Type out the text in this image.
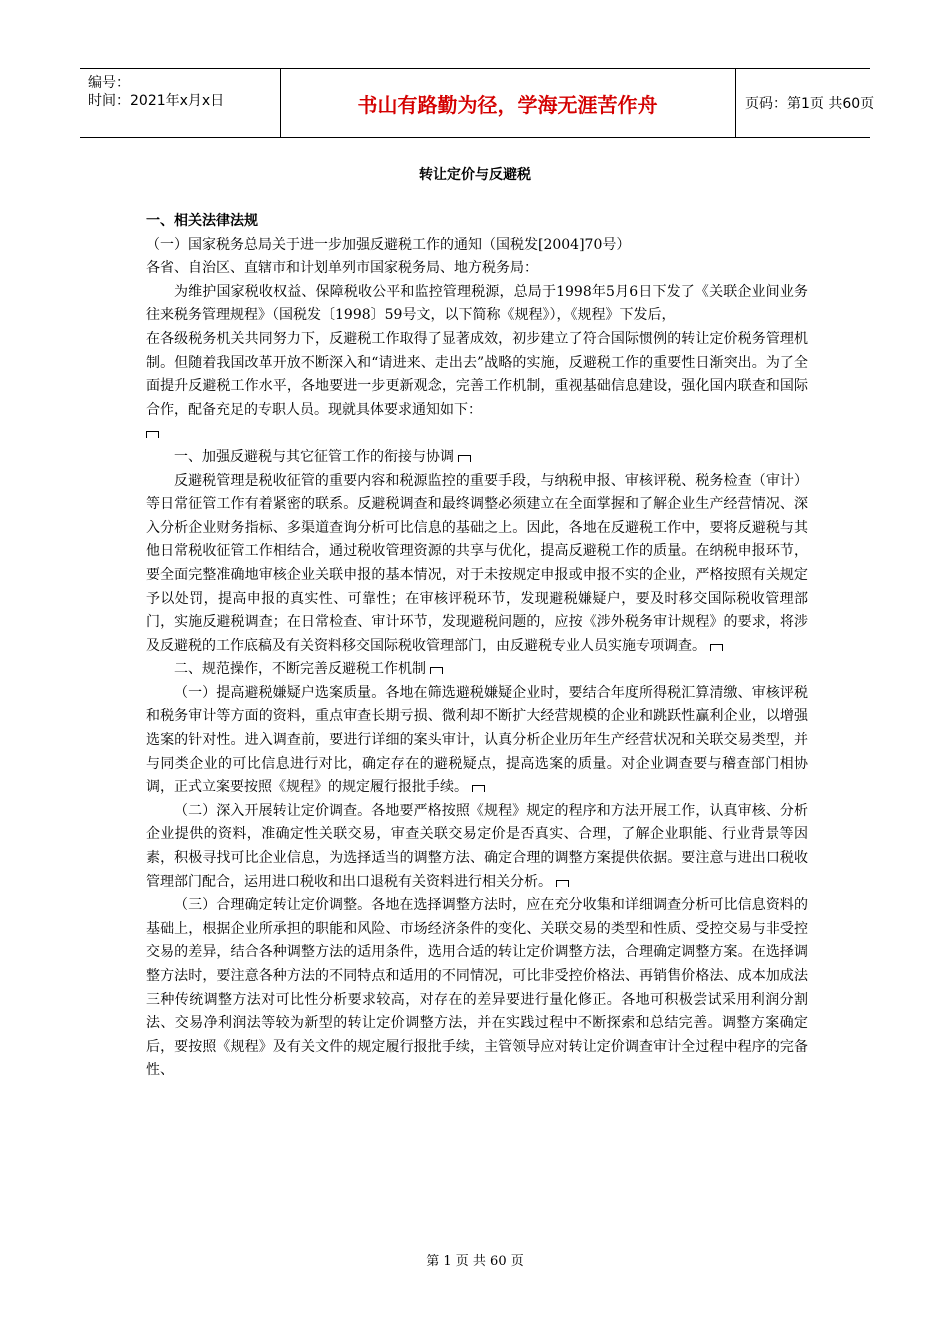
编号：
时间：2021年x月x日	书山有路勤为径，学海无涯苦作舟	页码：第1页 共60页
转让定价与反避税

一、相关法律法规

（一）国家税务总局关于进一步加强反避税工作的通知（国税发[2004]70号）

各省、自治区、直辖市和计划单列市国家税务局、地方税务局：

为维护国家税收权益、保障税收公平和监控管理税源，总局于1998年5月6日下发了《关联企业间业务往来税务管理规程》（国税发〔1998〕59号文，以下简称《规程》），《规程》下发后，

在各级税务机关共同努力下，反避税工作取得了显著成效，初步建立了符合国际惯例的转让定价税务管理机制。但随着我国改革开放不断深入和“请进来、走出去”战略的实施，反避税工作的重要性日渐突出。为了全面提升反避税工作水平，各地要进一步更新观念，完善工作机制，重视基础信息建设，强化国内联查和国际合作，配备充足的专职人员。现就具体要求通知如下：

一、加强反避税与其它征管工作的衔接与协调

反避税管理是税收征管的重要内容和税源监控的重要手段，与纳税申报、审核评税、税务检查（审计）等日常征管工作有着紧密的联系。反避税调查和最终调整必须建立在全面掌握和了解企业生产经营情况、深入分析企业财务指标、多渠道查询分析可比信息的基础之上。因此，各地在反避税工作中，要将反避税与其他日常税收征管工作相结合，通过税收管理资源的共享与优化，提高反避税工作的质量。在纳税申报环节，要全面完整准确地审核企业关联申报的基本情况，对于未按规定申报或申报不实的企业，严格按照有关规定予以处罚，提高申报的真实性、可靠性；在审核评税环节，发现避税嫌疑户，要及时移交国际税收管理部门，实施反避税调查；在日常检查、审计环节，发现避税问题的，应按《涉外税务审计规程》的要求，将涉及反避税的工作底稿及有关资料移交国际税收管理部门，由反避税专业人员实施专项调查。

二、规范操作，不断完善反避税工作机制

（一）提高避税嫌疑户选案质量。各地在筛选避税嫌疑企业时，要结合年度所得税汇算清缴、审核评税和税务审计等方面的资料，重点审查长期亏损、微利却不断扩大经营规模的企业和跳跃性赢利企业，以增强选案的针对性。进入调查前，要进行详细的案头审计，认真分析企业历年生产经营状况和关联交易类型，并与同类企业的可比信息进行对比，确定存在的避税疑点，提高选案的质量。对企业调查要与稽查部门相协调，正式立案要按照《规程》的规定履行报批手续。

（二）深入开展转让定价调查。各地要严格按照《规程》规定的程序和方法开展工作，认真审核、分析企业提供的资料，准确定性关联交易，审查关联交易定价是否真实、合理，了解企业职能、行业背景等因素，积极寻找可比企业信息，为选择适当的调整方法、确定合理的调整方案提供依据。要注意与进出口税收管理部门配合，运用进口税收和出口退税有关资料进行相关分析。

（三）合理确定转让定价调整。各地在选择调整方法时，应在充分收集和详细调查分析可比信息资料的基础上，根据企业所承担的职能和风险、市场经济条件的变化、关联交易的类型和性质、受控交易与非受控交易的差异，结合各种调整方法的适用条件，选用合适的转让定价调整方法，合理确定调整方案。在选择调整方法时，要注意各种方法的不同特点和适用的不同情况，可比非受控价格法、再销售价格法、成本加成法三种传统调整方法对可比性分析要求较高，对存在的差异要进行量化修正。各地可积极尝试采用利润分割法、交易净利润法等较为新型的转让定价调整方法，并在实践过程中不断探索和总结完善。调整方案确定后，要按照《规程》及有关文件的规定履行报批手续，主管领导应对转让定价调查审计全过程中程序的完备性、

第 1 页 共 60 页
